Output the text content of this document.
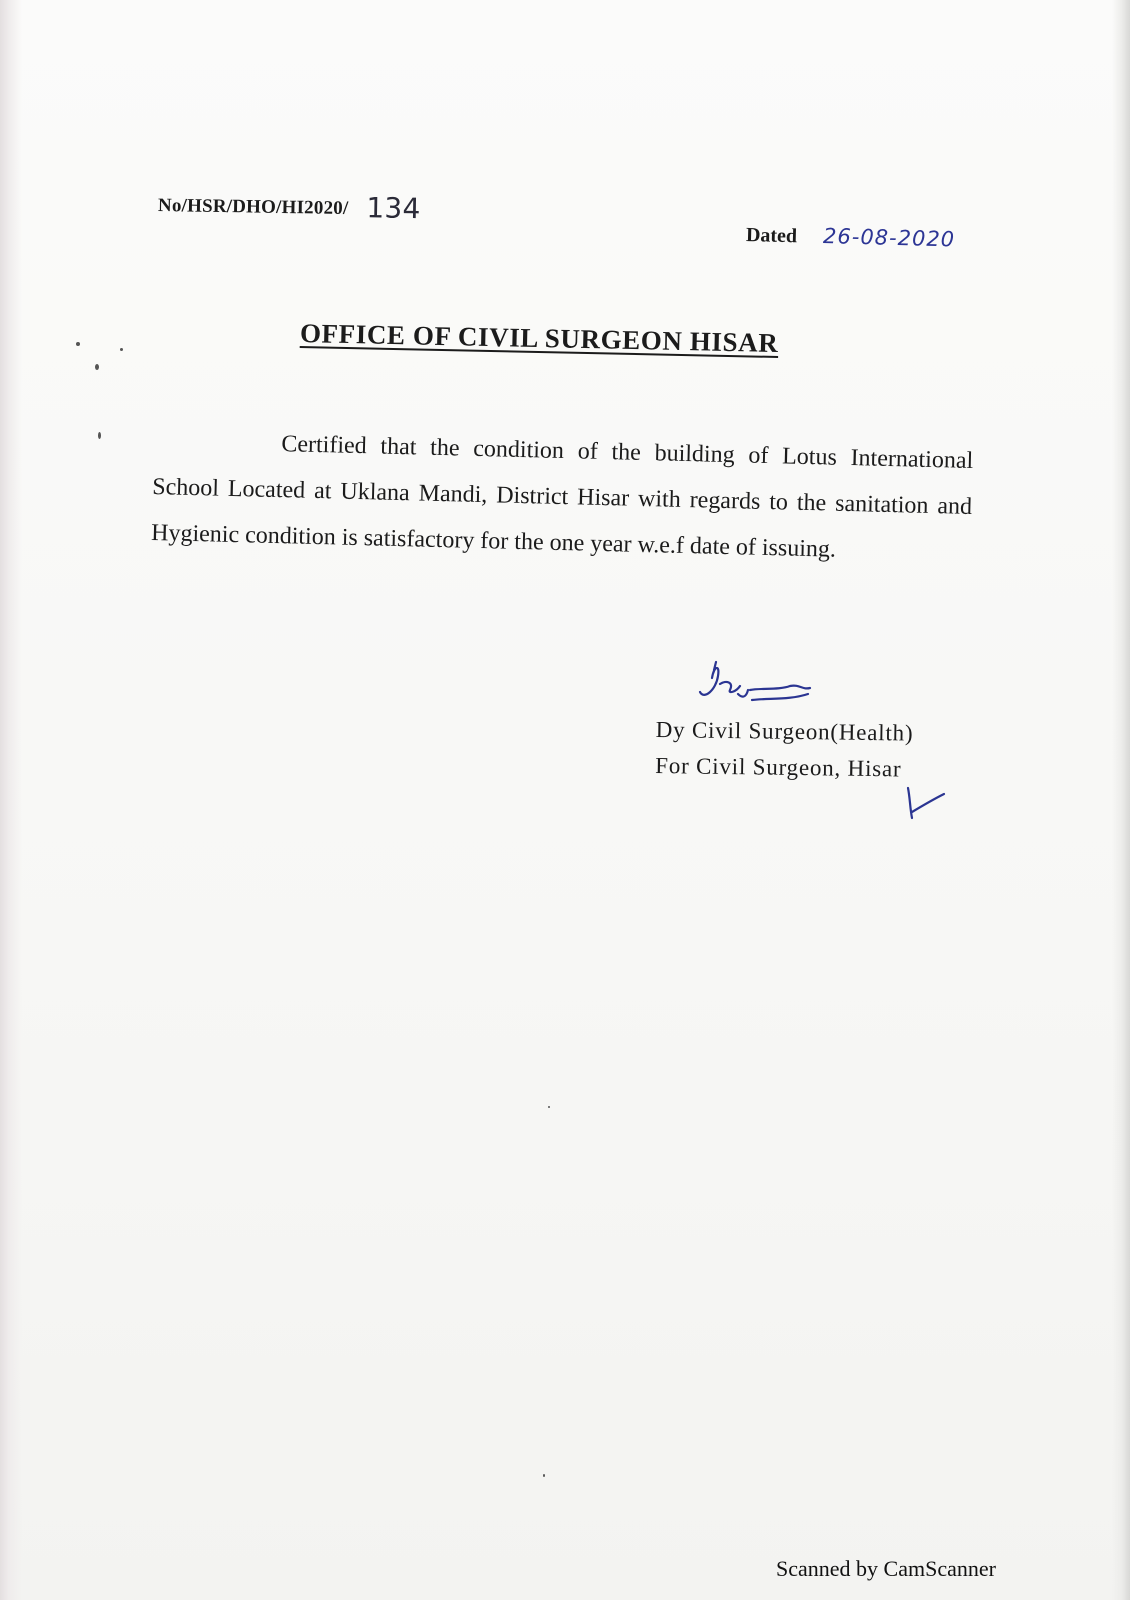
No/HSR/DHO/HI2020/ 134
Dated 26-08-2020
OFFICE OF CIVIL SURGEON HISAR

Certified that the condition of the building of Lotus International School Located at Uklana Mandi, District Hisar with regards to the sanitation and Hygienic condition is satisfactory for the one year w.e.f date of issuing.

Dy Civil Surgeon(Health)
For Civil Surgeon, Hisar
Scanned by CamScanner
